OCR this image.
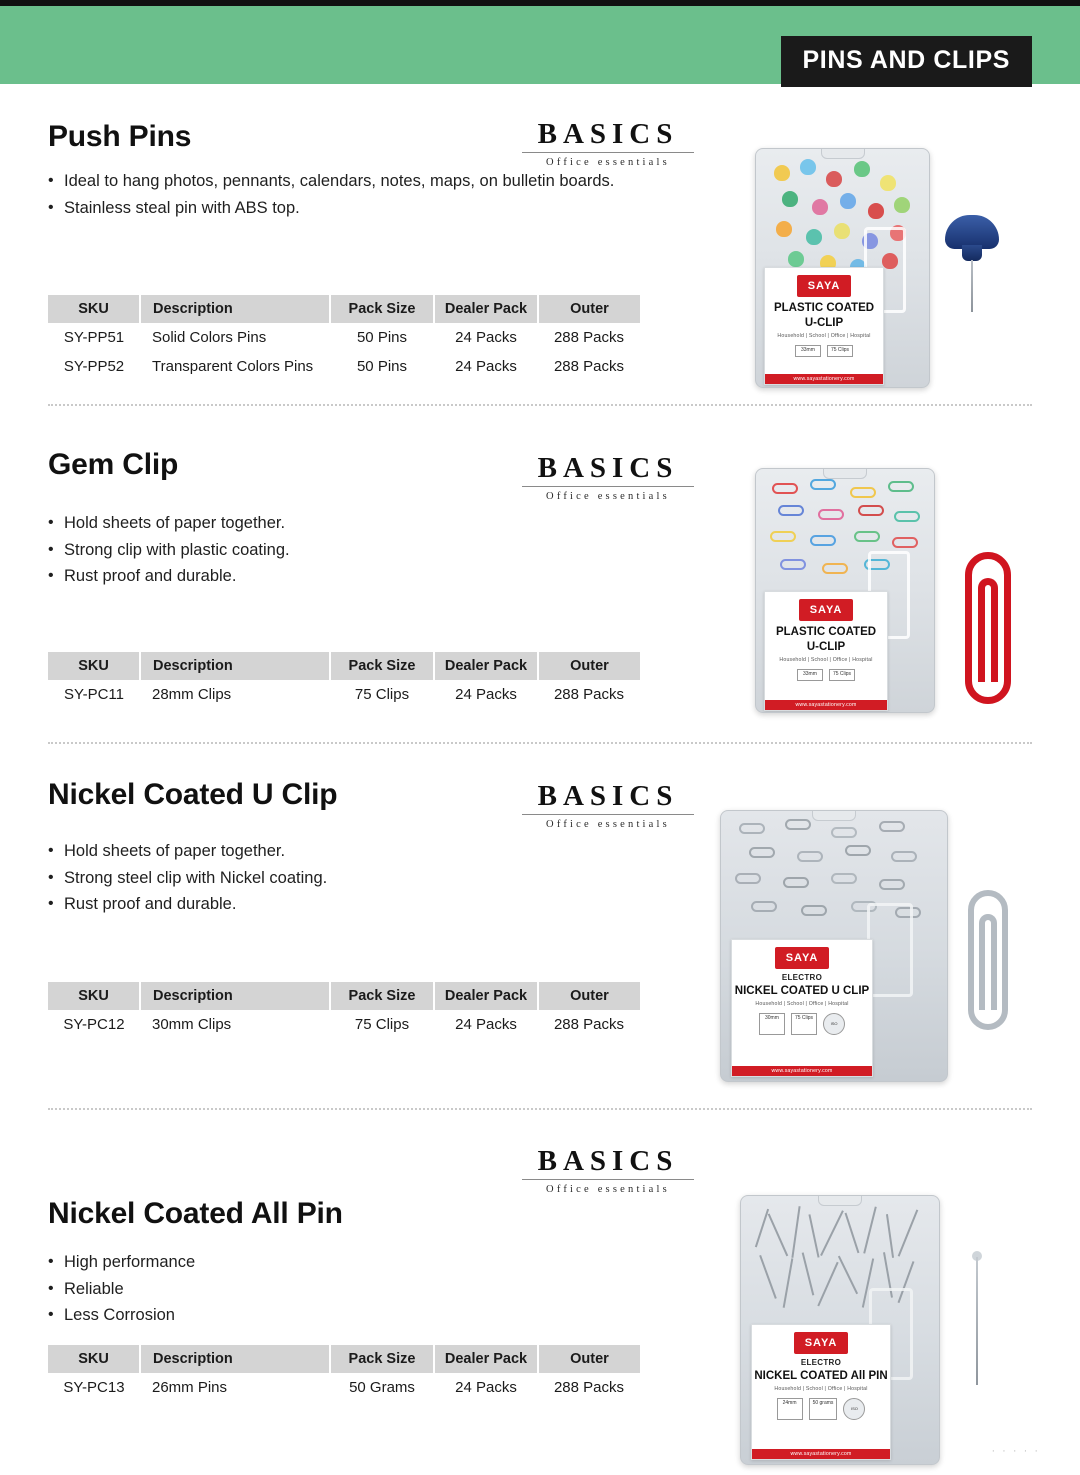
PINS AND CLIPS
Push Pins
• Ideal to hang photos, pennants, calendars, notes, maps, on bulletin boards.
• Stainless steal pin with ABS top.
BASICS
Office essentials
SKU	Description	Pack Size	Dealer Pack	Outer
SY-PP51	Solid Colors Pins	50 Pins	24 Packs	288 Packs
SY-PP52	Transparent Colors Pins	50 Pins	24 Packs	288 Packs
SAYA
PLASTIC COATED
U-CLIP
Household | School | Office | Hospital
33mm	75 Clips
www.sayastationery.com
Gem Clip
• Hold sheets of paper together.
• Strong clip with plastic coating.
• Rust proof and durable.
BASICS
Office essentials
SKU	Description	Pack Size	Dealer Pack	Outer
SY-PC11	28mm Clips	75 Clips	24 Packs	288 Packs
SAYA
PLASTIC COATED
U-CLIP
Household | School | Office | Hospital
33mm	75 Clips
www.sayastationery.com
Nickel Coated U Clip
• Hold sheets of paper together.
• Strong steel clip with Nickel coating.
• Rust proof and durable.
BASICS
Office essentials
SKU	Description	Pack Size	Dealer Pack	Outer
SY-PC12	30mm Clips	75 Clips	24 Packs	288 Packs
SAYA
ELECTRO
NICKEL COATED U CLIP
Household | School | Office | Hospital
30mm	75 Clips
ISO
www.sayastationery.com
BASICS
Office essentials
Nickel Coated All Pin
• High performance
• Reliable
• Less Corrosion
SKU	Description	Pack Size	Dealer Pack	Outer
SY-PC13	26mm Pins	50 Grams	24 Packs	288 Packs
SAYA
ELECTRO
NICKEL COATED All PIN
Household | School | Office | Hospital
24mm	50 grams
ISO
www.sayastationery.com	· · · · ·
